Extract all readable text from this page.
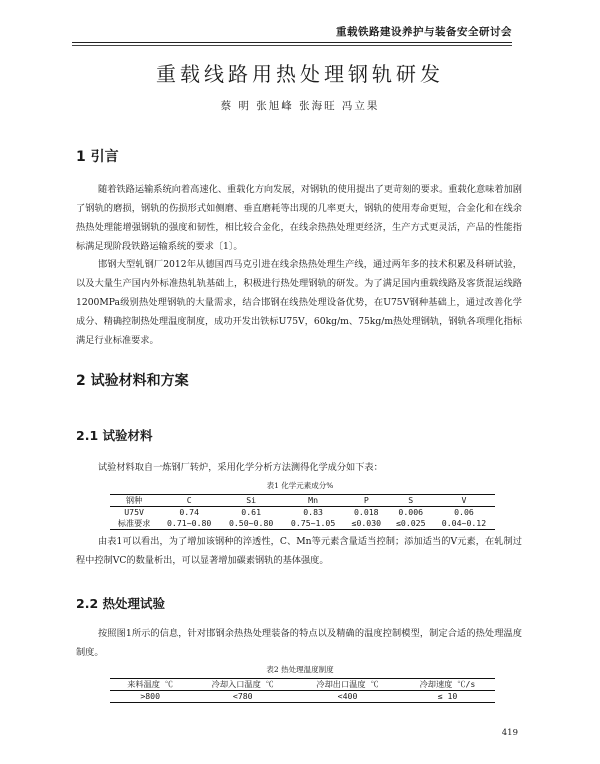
重载铁路建设养护与装备安全研讨会
重载线路用热处理钢轨研发
蔡 明 张旭峰 张海旺 冯立果
1 引言
随着铁路运输系统向着高速化、重载化方向发展，对钢轨的使用提出了更苛刻的要求。重载化意味着加剧了钢轨的磨损，钢轨的伤损形式如侧磨、垂直磨耗等出现的几率更大，钢轨的使用寿命更短，合金化和在线余热热处理能增强钢轨的强度和韧性，相比较合金化，在线余热热处理更经济，生产方式更灵活，产品的性能指标满足现阶段铁路运输系统的要求〔1〕。
邯钢大型轧钢厂2012年从德国西马克引进在线余热热处理生产线，通过两年多的技术积累及科研试验，以及大量生产国内外标准热轧轨基础上，积极进行热处理钢轨的研发。为了满足国内重载线路及客货混运线路1200MPa级别热处理钢轨的大量需求，结合邯钢在线热处理设备优势，在U75V钢种基础上，通过改善化学成分、精确控制热处理温度制度，成功开发出铁标U75V，60kg/m、75kg/m热处理钢轨，钢轨各项理化指标满足行业标准要求。
2 试验材料和方案
2.1 试验材料
试验材料取自一炼钢厂转炉，采用化学分析方法测得化学成分如下表：
表1 化学元素成分%
钢种	C	Si	Mn	P	S	V
U75V	0.74	0.61	0.83	0.018	0.006	0.06
标准要求	0.71~0.80	0.50~0.80	0.75~1.05	≤0.030	≤0.025	0.04~0.12
由表1可以看出，为了增加该钢种的淬透性，C、Mn等元素含量适当控制；添加适当的V元素，在轧制过程中控制VC的数量析出，可以显著增加碳素钢轨的基体强度。
2.2 热处理试验
按照图1所示的信息，针对邯钢余热热处理装备的特点以及精确的温度控制模型，制定合适的热处理温度制度。
表2 热处理温度制度
来料温度 ℃	冷却入口温度 ℃	冷却出口温度 ℃	冷却速度 ℃/s
>800	<780	<400	≤ 10
419
